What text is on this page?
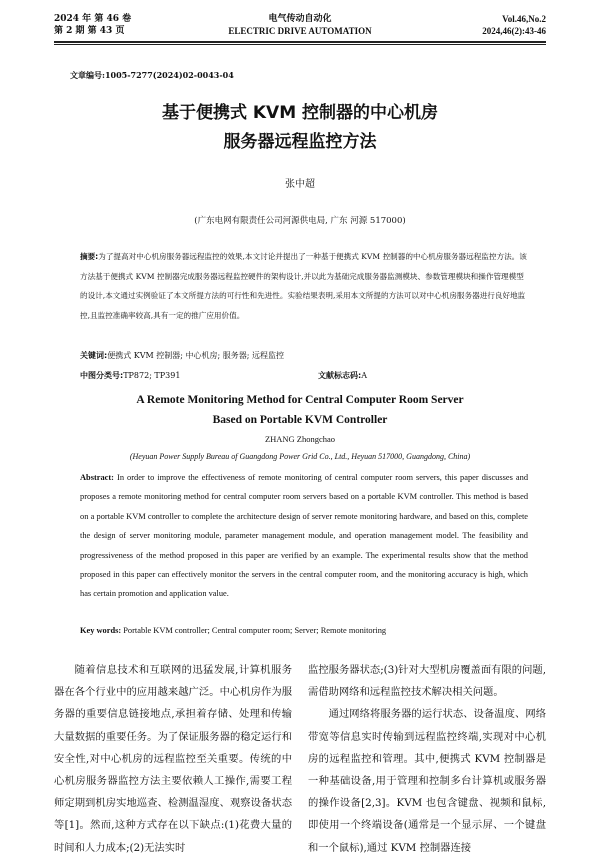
2024 年 第 46 卷
第 2 期 第 43 页
电气传动自动化
ELECTRIC DRIVE AUTOMATION
Vol.46,No.2
2024,46(2):43-46
文章编号:1005-7277(2024)02-0043-04
基于便携式 KVM 控制器的中心机房
服务器远程监控方法
张中超
(广东电网有限责任公司河源供电局, 广东 河源 517000)
摘要:为了提高对中心机房服务器远程监控的效果,本文讨论并提出了一种基于便携式 KVM 控制器的中心机房服务器远程监控方法。该方法基于便携式 KVM 控制器完成服务器远程监控硬件的架构设计,并以此为基础完成服务器监测模块、参数管理模块和操作管理模型的设计,本文通过实例验证了本文所提方法的可行性和先进性。实验结果表明,采用本文所提的方法可以对中心机房服务器进行良好地监控,且监控准确率较高,具有一定的推广应用价值。
关键词:便携式 KVM 控制器; 中心机房; 服务器; 远程监控
中图分类号:TP872; TP391	文献标志码:A
A Remote Monitoring Method for Central Computer Room Server
Based on Portable KVM Controller
ZHANG Zhongchao
(Heyuan Power Supply Bureau of Guangdong Power Grid Co., Ltd., Heyuan 517000, Guangdong, China)
Abstract: In order to improve the effectiveness of remote monitoring of central computer room servers, this paper discusses and proposes a remote monitoring method for central computer room servers based on a portable KVM controller. This method is based on a portable KVM controller to complete the architecture design of server remote monitoring hardware, and based on this, complete the design of server monitoring module, parameter management module, and operation management model. The feasibility and progressiveness of the method proposed in this paper are verified by an example. The experimental results show that the method proposed in this paper can effectively monitor the servers in the central computer room, and the monitoring accuracy is high, which has certain promotion and application value.
Key words: Portable KVM controller; Central computer room; Server; Remote monitoring

随着信息技术和互联网的迅猛发展,计算机服务器在各个行业中的应用越来越广泛。中心机房作为服务器的重要信息链接地点,承担着存储、处理和传输大量数据的重要任务。为了保证服务器的稳定运行和安全性,对中心机房的远程监控至关重要。传统的中心机房服务器监控方法主要依赖人工操作,需要工程师定期到机房实地巡查、检测温湿度、观察设备状态等[1]。然而,这种方式存在以下缺点:(1)花费大量的时间和人力成本;(2)无法实时

监控服务器状态;(3)针对大型机房覆盖面有限的问题,需借助网络和远程监控技术解决相关问题。

通过网络将服务器的运行状态、设备温度、网络带宽等信息实时传输到远程监控终端,实现对中心机房的远程监控和管理。其中,便携式 KVM 控制器是一种基础设备,用于管理和控制多台计算机或服务器的操作设备[2,3]。KVM 也包含键盘、视频和鼠标,即使用一个终端设备(通常是一个显示屏、一个键盘和一个鼠标),通过 KVM 控制器连接
